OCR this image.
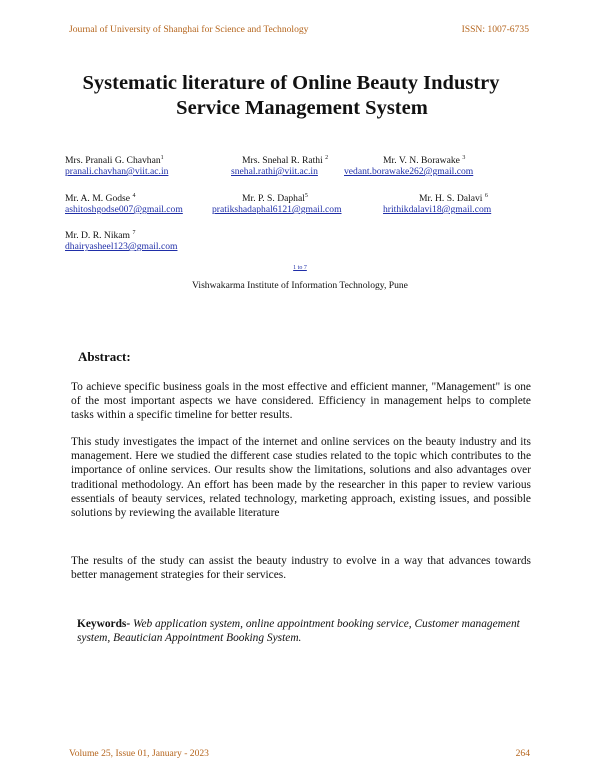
Journal of University of Shanghai for Science and Technology	ISSN: 1007-6735
Systematic literature of Online Beauty Industry
Service Management System
Mrs. Pranali G. Chavhan$^1$
pranali.chavhan@viit.ac.in
Mrs. Snehal R. Rathi $^2$
snehal.rathi@viit.ac.in
Mr. V. N. Borawake $^3$
vedant.borawake262@gmail.com
Mr. A. M. Godse $^4$
ashitoshgodse007@gmail.com
Mr. P. S. Daphal$^5$
pratikshadaphal6121@gmail.com
Mr. H. S. Dalavi $^6$
hrithikdalavi18@gmail.com
Mr. D. R. Nikam $^7$
dhairyasheel123@gmail.com
1 to 7
Vishwakarma Institute of Information Technology, Pune
Abstract:

To achieve specific business goals in the most effective and efficient manner, "Management" is one of the most important aspects we have considered. Efficiency in management helps to complete tasks within a specific timeline for better results.

This study investigates the impact of the internet and online services on the beauty industry and its management. Here we studied the different case studies related to the topic which contributes to the importance of online services. Our results show the limitations, solutions and also advantages over traditional methodology. An effort has been made by the researcher in this paper to review various essentials of beauty services, related technology, marketing approach, existing issues, and possible solutions by reviewing the available literature

The results of the study can assist the beauty industry to evolve in a way that advances towards better management strategies for their services.

Keywords- Web application system, online appointment booking service, Customer management system, Beautician Appointment Booking System.
Volume 25, Issue 01, January - 2023	264
